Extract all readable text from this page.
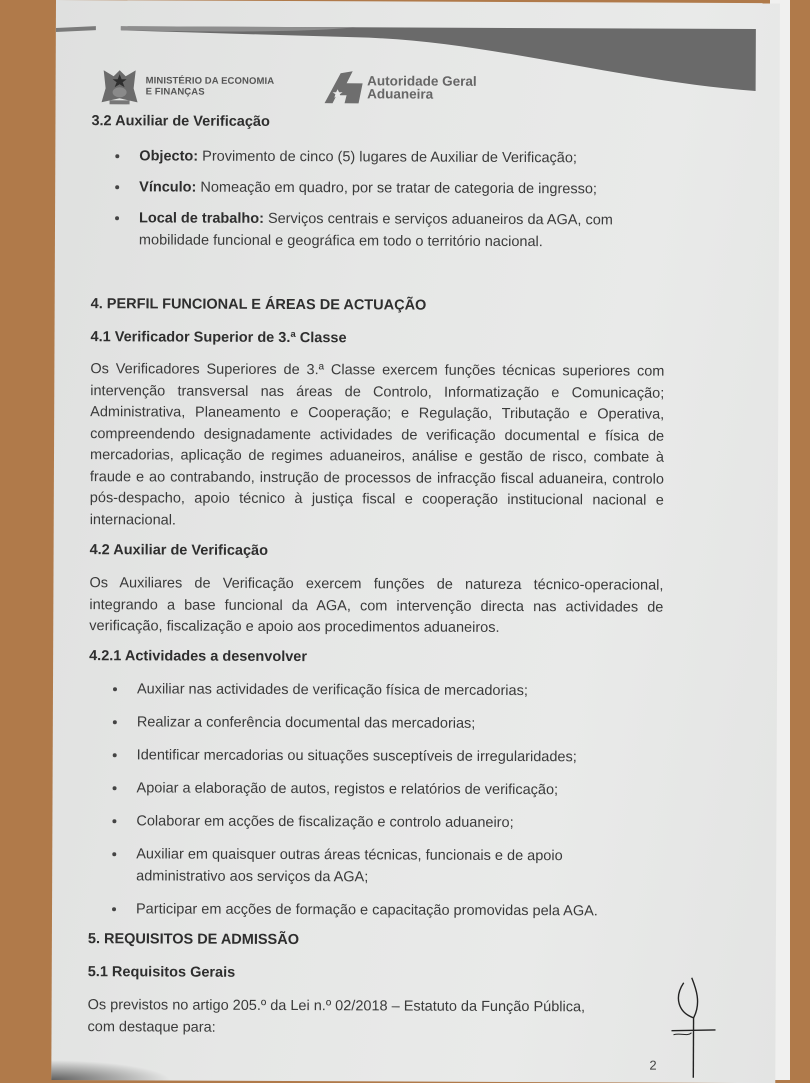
MINISTÉRIO DA ECONOMIA
E FINANÇAS
Autoridade Geral
Aduaneira
3.2 Auxiliar de Verificação
Objecto: Provimento de cinco (5) lugares de Auxiliar de Verificação;
Vínculo: Nomeação em quadro, por se tratar de categoria de ingresso;
Local de trabalho: Serviços centrais e serviços aduaneiros da AGA, com mobilidade funcional e geográfica em todo o território nacional.
4. PERFIL FUNCIONAL E ÁREAS DE ACTUAÇÃO
4.1 Verificador Superior de 3.ª Classe

Os Verificadores Superiores de 3.ª Classe exercem funções técnicas superiores com intervenção transversal nas áreas de Controlo, Informatização e Comunicação; Administrativa, Planeamento e Cooperação; e Regulação, Tributação e Operativa, compreendendo designadamente actividades de verificação documental e física de mercadorias, aplicação de regimes aduaneiros, análise e gestão de risco, combate à fraude e ao contrabando, instrução de processos de infracção fiscal aduaneira, controlo pós-despacho, apoio técnico à justiça fiscal e cooperação institucional nacional e internacional.

4.2 Auxiliar de Verificação

Os Auxiliares de Verificação exercem funções de natureza técnico-operacional, integrando a base funcional da AGA, com intervenção directa nas actividades de verificação, fiscalização e apoio aos procedimentos aduaneiros.

4.2.1 Actividades a desenvolver
Auxiliar nas actividades de verificação física de mercadorias;
Realizar a conferência documental das mercadorias;
Identificar mercadorias ou situações susceptíveis de irregularidades;
Apoiar a elaboração de autos, registos e relatórios de verificação;
Colaborar em acções de fiscalização e controlo aduaneiro;
Auxiliar em quaisquer outras áreas técnicas, funcionais e de apoio administrativo aos serviços da AGA;
Participar em acções de formação e capacitação promovidas pela AGA.
5. REQUISITOS DE ADMISSÃO
5.1 Requisitos Gerais

Os previstos no artigo 205.º da Lei n.º 02/2018 – Estatuto da Função Pública, com destaque para:

2
